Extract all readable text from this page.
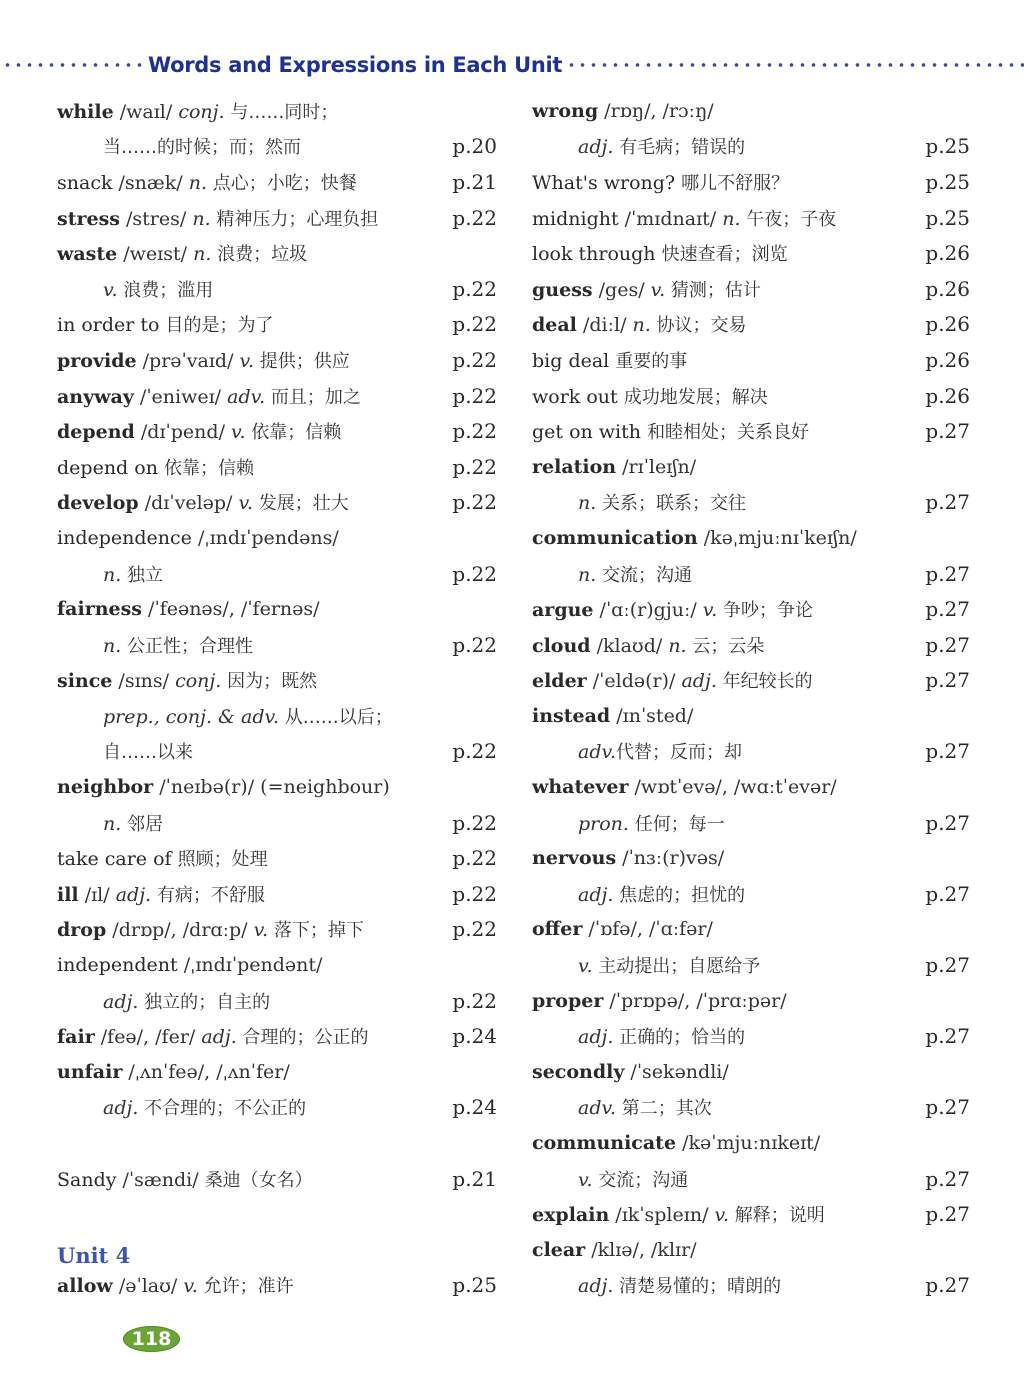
Words and Expressions in Each Unit
while /waɪl/ conj. 与……同时；
当……的时候；而；然而	p.20
snack /snæk/ n. 点心；小吃；快餐	p.21
stress /stres/ n. 精神压力；心理负担	p.22
waste /weɪst/ n. 浪费；垃圾
v. 浪费；滥用	p.22
in order to 目的是；为了	p.22
provide /prəˈvaɪd/ v. 提供；供应	p.22
anyway /ˈeniweɪ/ adv. 而且；加之	p.22
depend /dɪˈpend/ v. 依靠；信赖	p.22
depend on 依靠；信赖	p.22
develop /dɪˈveləp/ v. 发展；壮大	p.22
independence /ˌɪndɪˈpendəns/
n. 独立	p.22
fairness /ˈfeənəs/, /ˈfernəs/
n. 公正性；合理性	p.22
since /sɪns/ conj. 因为；既然
prep., conj. & adv. 从……以后；
自……以来	p.22
neighbor /ˈneɪbə(r)/ (=neighbour)
n. 邻居	p.22
take care of 照顾；处理	p.22
ill /ɪl/ adj. 有病；不舒服	p.22
drop /drɒp/, /drɑːp/ v. 落下；掉下	p.22
independent /ˌɪndɪˈpendənt/
adj. 独立的；自主的	p.22
fair /feə/, /fer/ adj. 合理的；公正的	p.24
unfair /ˌʌnˈfeə/, /ˌʌnˈfer/
adj. 不合理的；不公正的	p.24
Sandy /ˈsændi/ 桑迪（女名）	p.21
Unit 4
allow /əˈlaʊ/ v. 允许；准许	p.25
wrong /rɒŋ/, /rɔːŋ/
adj. 有毛病；错误的	p.25
What's wrong? 哪儿不舒服？	p.25
midnight /ˈmɪdnaɪt/ n. 午夜；子夜	p.25
look through 快速查看；浏览	p.26
guess /ges/ v. 猜测；估计	p.26
deal /diːl/ n. 协议；交易	p.26
big deal 重要的事	p.26
work out 成功地发展；解决	p.26
get on with 和睦相处；关系良好	p.27
relation /rɪˈleɪʃn/
n. 关系；联系；交往	p.27
communication /kəˌmjuːnɪˈkeɪʃn/
n. 交流；沟通	p.27
argue /ˈɑː(r)gjuː/ v. 争吵；争论	p.27
cloud /klaʊd/ n. 云；云朵	p.27
elder /ˈeldə(r)/ adj. 年纪较长的	p.27
instead /ɪnˈsted/
adv.代替；反而；却	p.27
whatever /wɒtˈevə/, /wɑːtˈevər/
pron. 任何；每一	p.27
nervous /ˈnɜː(r)vəs/
adj. 焦虑的；担忧的	p.27
offer /ˈɒfə/, /ˈɑːfər/
v. 主动提出；自愿给予	p.27
proper /ˈprɒpə/, /ˈprɑːpər/
adj. 正确的；恰当的	p.27
secondly /ˈsekəndli/
adv. 第二；其次	p.27
communicate /kəˈmjuːnɪkeɪt/
v. 交流；沟通	p.27
explain /ɪkˈspleɪn/ v. 解释；说明	p.27
clear /klɪə/, /klɪr/
adj. 清楚易懂的；晴朗的	p.27
118
